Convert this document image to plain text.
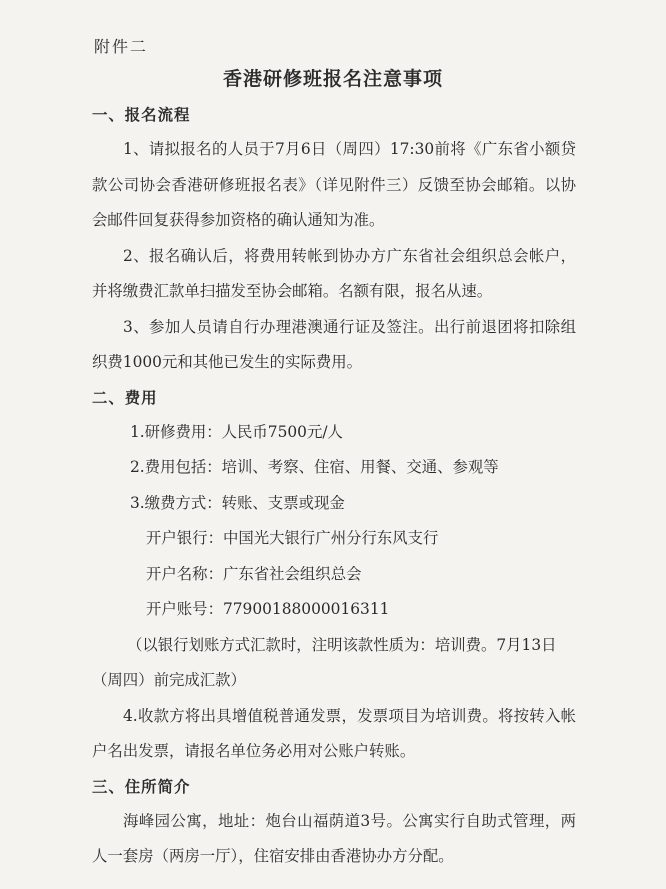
附件二
香港研修班报名注意事项
一、报名流程

1、请拟报名的人员于7月6日（周四）17:30前将《广东省小额贷款公司协会香港研修班报名表》（详见附件三）反馈至协会邮箱。以协会邮件回复获得参加资格的确认通知为准。

2、报名确认后，将费用转帐到协办方广东省社会组织总会帐户，并将缴费汇款单扫描发至协会邮箱。名额有限，报名从速。

3、参加人员请自行办理港澳通行证及签注。出行前退团将扣除组织费1000元和其他已发生的实际费用。

二、费用

1.研修费用：人民币7500元/人

2.费用包括：培训、考察、住宿、用餐、交通、参观等

3.缴费方式：转账、支票或现金

开户银行：中国光大银行广州分行东风支行

开户名称：广东省社会组织总会

开户账号：77900188000016311

（以银行划账方式汇款时，注明该款性质为：培训费。7月13日（周四）前完成汇款）

4.收款方将出具增值税普通发票，发票项目为培训费。将按转入帐户名出发票，请报名单位务必用对公账户转账。

三、住所简介

海峰园公寓，地址：炮台山福荫道3号。公寓实行自助式管理，两人一套房（两房一厅），住宿安排由香港协办方分配。
